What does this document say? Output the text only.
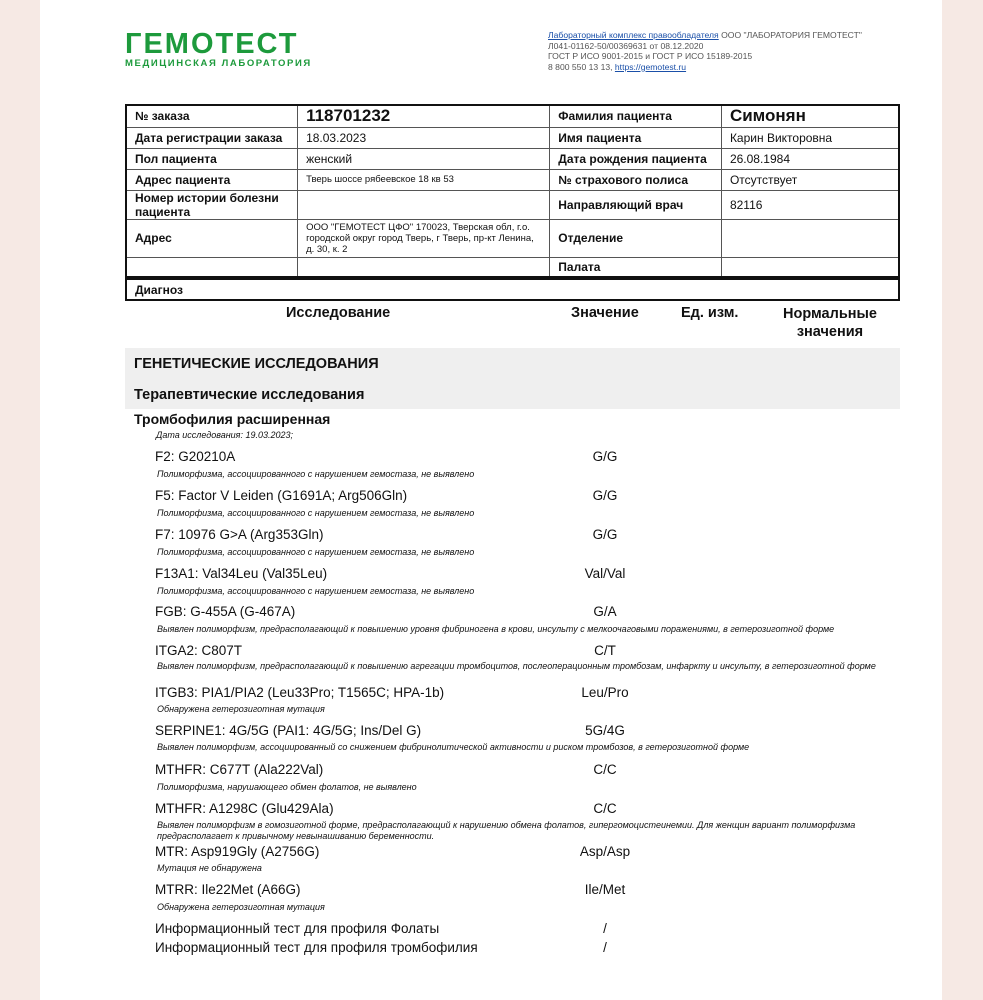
ГЕМОТЕСТ
МЕДИЦИНСКАЯ ЛАБОРАТОРИЯ
Лабораторный комплекс правообладателя ООО "ЛАБОРАТОРИЯ ГЕМОТЕСТ"
Л041-01162-50/00369631 от 08.12.2020
ГОСТ Р ИСО 9001-2015 и ГОСТ Р ИСО 15189-2015
8 800 550 13 13, https://gemotest.ru
№ заказа	118701232	Фамилия пациента	Симонян
Дата регистрации заказа	18.03.2023	Имя пациента	Карин Викторовна
Пол пациента	женский	Дата рождения пациента	26.08.1984
Адрес пациента	Тверь шоссе рябеевское 18 кв 53	№ страхового полиса	Отсутствует
Номер истории болезни пациента		Направляющий врач	82116
Адрес	ООО "ГЕМОТЕСТ ЦФО" 170023, Тверская обл, г.о. городской округ город Тверь, г Тверь, пр-кт Ленина, д. 30, к. 2	Отделение	
		Палата	
Диагноз
Исследование	Значение	Ед. изм.	Нормальные
значения
ГЕНЕТИЧЕСКИЕ ИССЛЕДОВАНИЯ
Терапевтические исследования
Тромбофилия расширенная
Дата исследования: 19.03.2023;
F2: G20210A	G/G
Полиморфизма, ассоциированного с нарушением гемостаза, не выявлено
F5: Factor V Leiden (G1691A; Arg506Gln)	G/G
Полиморфизма, ассоциированного с нарушением гемостаза, не выявлено
F7: 10976 G>A (Arg353Gln)	G/G
Полиморфизма, ассоциированного с нарушением гемостаза, не выявлено
F13A1: Val34Leu (Val35Leu)	Val/Val
Полиморфизма, ассоциированного с нарушением гемостаза, не выявлено
FGB: G-455A (G-467A)	G/A
Выявлен полиморфизм, предрасполагающий к повышению уровня фибриногена в крови, инсульту с мелкоочаговыми поражениями, в гетерозиготной форме
ITGA2: C807T	C/T
Выявлен полиморфизм, предрасполагающий к повышению агрегации тромбоцитов, послеоперационным тромбозам, инфаркту и инсульту, в гетерозиготной форме
ITGB3: PIA1/PIA2 (Leu33Pro; T1565C; HPA-1b)	Leu/Pro
Обнаружена гетерозиготная мутация
SERPINE1: 4G/5G (PAI1: 4G/5G; Ins/Del G)	5G/4G
Выявлен полиморфизм, ассоциированный со снижением фибринолитической активности и риском тромбозов, в гетерозиготной форме
MTHFR: C677T (Ala222Val)	C/C
Полиморфизма, нарушающего обмен фолатов, не выявлено
MTHFR: A1298C (Glu429Ala)	C/C
Выявлен полиморфизм в гомозиготной форме, предрасполагающий к нарушению обмена фолатов, гипергомоцистеинемии. Для женщин вариант полиморфизма предрасполагает к привычному невынашиванию беременности.
MTR: Asp919Gly (A2756G)	Asp/Asp
Мутация не обнаружена
MTRR: Ile22Met (A66G)	Ile/Met
Обнаружена гетерозиготная мутация
Информационный тест для профиля Фолаты	/
Информационный тест для профиля тромбофилия	/
